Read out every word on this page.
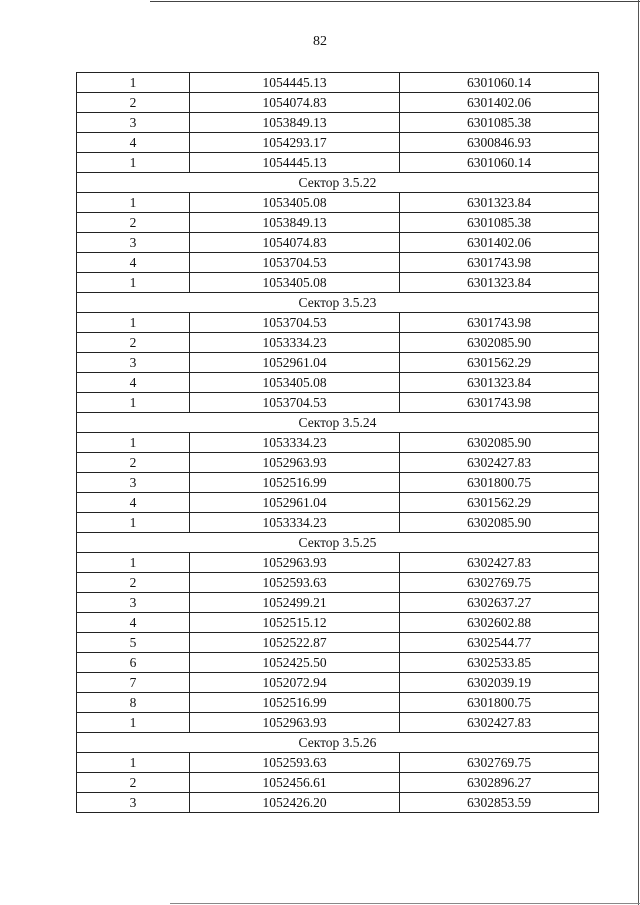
82
1	1054445.13	6301060.14
2	1054074.83	6301402.06
3	1053849.13	6301085.38
4	1054293.17	6300846.93
1	1054445.13	6301060.14
Сектор 3.5.22		
1	1053405.08	6301323.84
2	1053849.13	6301085.38
3	1054074.83	6301402.06
4	1053704.53	6301743.98
1	1053405.08	6301323.84
Сектор 3.5.23		
1	1053704.53	6301743.98
2	1053334.23	6302085.90
3	1052961.04	6301562.29
4	1053405.08	6301323.84
1	1053704.53	6301743.98
Сектор 3.5.24		
1	1053334.23	6302085.90
2	1052963.93	6302427.83
3	1052516.99	6301800.75
4	1052961.04	6301562.29
1	1053334.23	6302085.90
Сектор 3.5.25		
1	1052963.93	6302427.83
2	1052593.63	6302769.75
3	1052499.21	6302637.27
4	1052515.12	6302602.88
5	1052522.87	6302544.77
6	1052425.50	6302533.85
7	1052072.94	6302039.19
8	1052516.99	6301800.75
1	1052963.93	6302427.83
Сектор 3.5.26		
1	1052593.63	6302769.75
2	1052456.61	6302896.27
3	1052426.20	6302853.59
